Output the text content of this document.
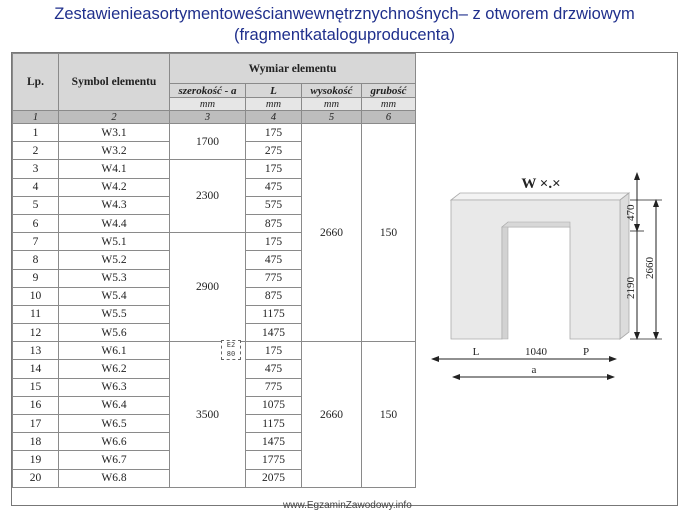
Zestawienieasortymentoweścianwewnętrznychnośnych– z otworem drzwiowym
(fragmentkataloguproducenta)
Lp.	Symbol elementu	Wymiar elementu			
		szerokość - a	L	wysokość	grubość
		mm	mm	mm	mm
1	2	3	4	5	6
1	W3.1	1700	175	2660	150
2	W3.2		275		
3	W4.1	2300	175		
4	W4.2		475		
5	W4.3		575		
6	W4.4		875		
7	W5.1	2900	175		
8	W5.2		475		
9	W5.3		775		
10	W5.4		875		
11	W5.5		1175		
12	W5.6		1475		
13	W6.1	3500	175	2660	150
14	W6.2		475		
15	W6.3		775		
16	W6.4		1075		
17	W6.5		1175		
18	W6.6		1475		
19	W6.7		1775		
20	W6.8		2075		
E2 80
W ×.×
470
2190
2660
L	1040	P
a
www.EgzaminZawodowy.info
